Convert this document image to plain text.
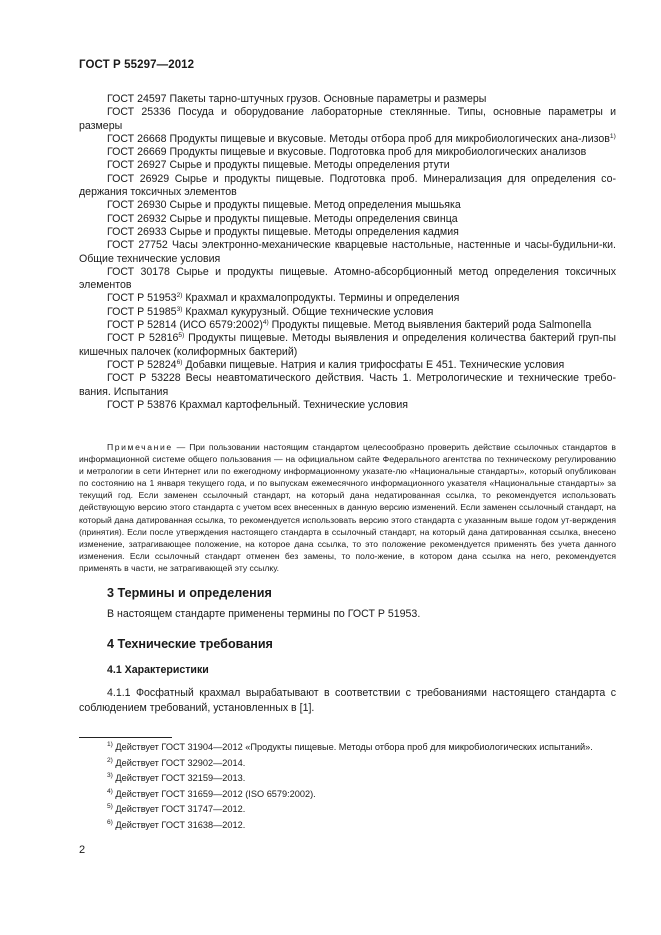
ГОСТ Р 55297—2012
ГОСТ 24597 Пакеты тарно-штучных грузов. Основные параметры и размеры
ГОСТ 25336 Посуда и оборудование лабораторные стеклянные. Типы, основные параметры и размеры
ГОСТ 26668 Продукты пищевые и вкусовые. Методы отбора проб для микробиологических ана-лизов$^{1)}$
ГОСТ 26669 Продукты пищевые и вкусовые. Подготовка проб для микробиологических анализов
ГОСТ 26927 Сырье и продукты пищевые. Методы определения ртути
ГОСТ 26929 Сырье и продукты пищевые. Подготовка проб. Минерализация для определения со-держания токсичных элементов
ГОСТ 26930 Сырье и продукты пищевые. Метод определения мышьяка
ГОСТ 26932 Сырье и продукты пищевые. Методы определения свинца
ГОСТ 26933 Сырье и продукты пищевые. Методы определения кадмия
ГОСТ 27752 Часы электронно-механические кварцевые настольные, настенные и часы-будильни-ки. Общие технические условия
ГОСТ 30178 Сырье и продукты пищевые. Атомно-абсорбционный метод определения токсичных элементов
ГОСТ Р 51953$^{2)}$ Крахмал и крахмалопродукты. Термины и определения
ГОСТ Р 51985$^{3)}$ Крахмал кукурузный. Общие технические условия
ГОСТ Р 52814 (ИСО 6579:2002)$^{4)}$ Продукты пищевые. Метод выявления бактерий рода Salmonella
ГОСТ Р 52816$^{5)}$ Продукты пищевые. Методы выявления и определения количества бактерий груп-пы кишечных палочек (колиформных бактерий)
ГОСТ Р 52824$^{6)}$ Добавки пищевые. Натрия и калия трифосфаты Е 451. Технические условия
ГОСТ Р 53228 Весы неавтоматического действия. Часть 1. Метрологические и технические требо-вания. Испытания
ГОСТ Р 53876 Крахмал картофельный. Технические условия
Примечание — При пользовании настоящим стандартом целесообразно проверить действие ссылочных стандартов в информационной системе общего пользования — на официальном сайте Федерального агентства по техническому регулированию и метрологии в сети Интернет или по ежегодному информационному указате-лю «Национальные стандарты», который опубликован по состоянию на 1 января текущего года, и по выпускам ежемесячного информационного указателя «Национальные стандарты» за текущий год. Если заменен ссылочный стандарт, на который дана недатированная ссылка, то рекомендуется использовать действующую версию этого стандарта с учетом всех внесенных в данную версию изменений. Если заменен ссылочный стандарт, на который дана датированная ссылка, то рекомендуется использовать версию этого стандарта с указанным выше годом ут-верждения (принятия). Если после утверждения настоящего стандарта в ссылочный стандарт, на который дана датированная ссылка, внесено изменение, затрагивающее положение, на которое дана ссылка, то это положение рекомендуется применять без учета данного изменения. Если ссылочный стандарт отменен без замены, то поло-жение, в котором дана ссылка на него, рекомендуется применять в части, не затрагивающей эту ссылку.
3 Термины и определения
В настоящем стандарте применены термины по ГОСТ Р 51953.
4 Технические требования
4.1 Характеристики
4.1.1 Фосфатный крахмал вырабатывают в соответствии с требованиями настоящего стандарта с соблюдением требований, установленных в [1].
$^{1)}$ Действует ГОСТ 31904—2012 «Продукты пищевые. Методы отбора проб для микробиологических испытаний».
$^{2)}$ Действует ГОСТ 32902—2014.
$^{3)}$ Действует ГОСТ 32159—2013.
$^{4)}$ Действует ГОСТ 31659—2012 (ISO 6579:2002).
$^{5)}$ Действует ГОСТ 31747—2012.
$^{6)}$ Действует ГОСТ 31638—2012.
2
